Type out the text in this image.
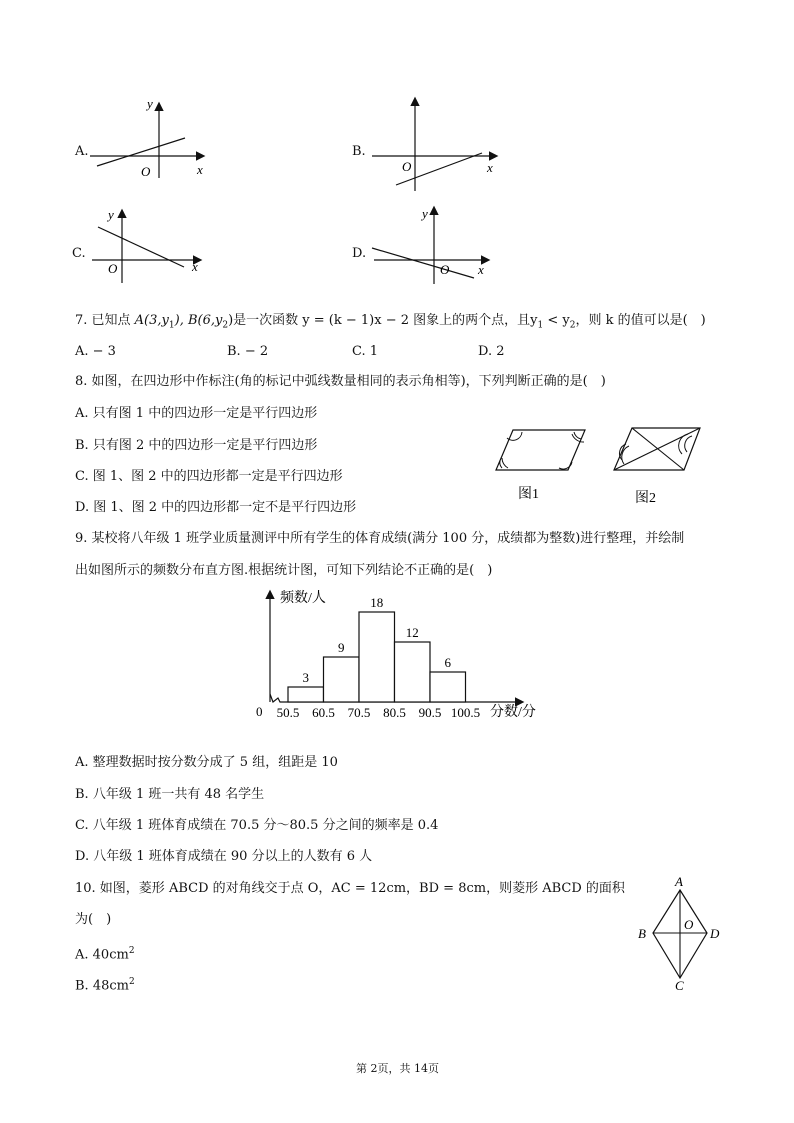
A.
y
x
O
B.
O	x
C.
y
O	x
D.
y
O x
7. 已知点 $A(3,y_1)$, $B(6,y_2)$是一次函数 y = (k − 1)x − 2 图象上的两个点，且$y_1 < y_2$，则 k 的值可以是(　)
A. − 3	B. − 2	C. 1	D. 2
8. 如图，在四边形中作标注(角的标记中弧线数量相同的表示角相等)，下列判断正确的是(　)
A. 只有图 1 中的四边形一定是平行四边形
B. 只有图 2 中的四边形一定是平行四边形
C. 图 1、图 2 中的四边形都一定是平行四边形
D. 图 1、图 2 中的四边形都一定不是平行四边形
图1	图2
9. 某校将八年级 1 班学业质量测评中所有学生的体育成绩(满分 100 分，成绩都为整数)进行整理，并绘制
出如图所示的频数分布直方图.根据统计图，可知下列结论不正确的是(　)
频数/人
分数/分
0
3
9
18
12
6
50.5 60.5 70.5 80.5 90.5 100.5
A. 整理数据时按分数分成了 5 组，组距是 10
B. 八年级 1 班一共有 48 名学生
C. 八年级 1 班体育成绩在 70.5 分～80.5 分之间的频率是 0.4
D. 八年级 1 班体育成绩在 90 分以上的人数有 6 人
10. 如图，菱形 ABCD 的对角线交于点 O，AC = 12cm，BD = 8cm，则菱形 ABCD 的面积
为(　)
A. $40cm^2$
B. $48cm^2$
A
B	D
C
O
第 2页，共 14页
